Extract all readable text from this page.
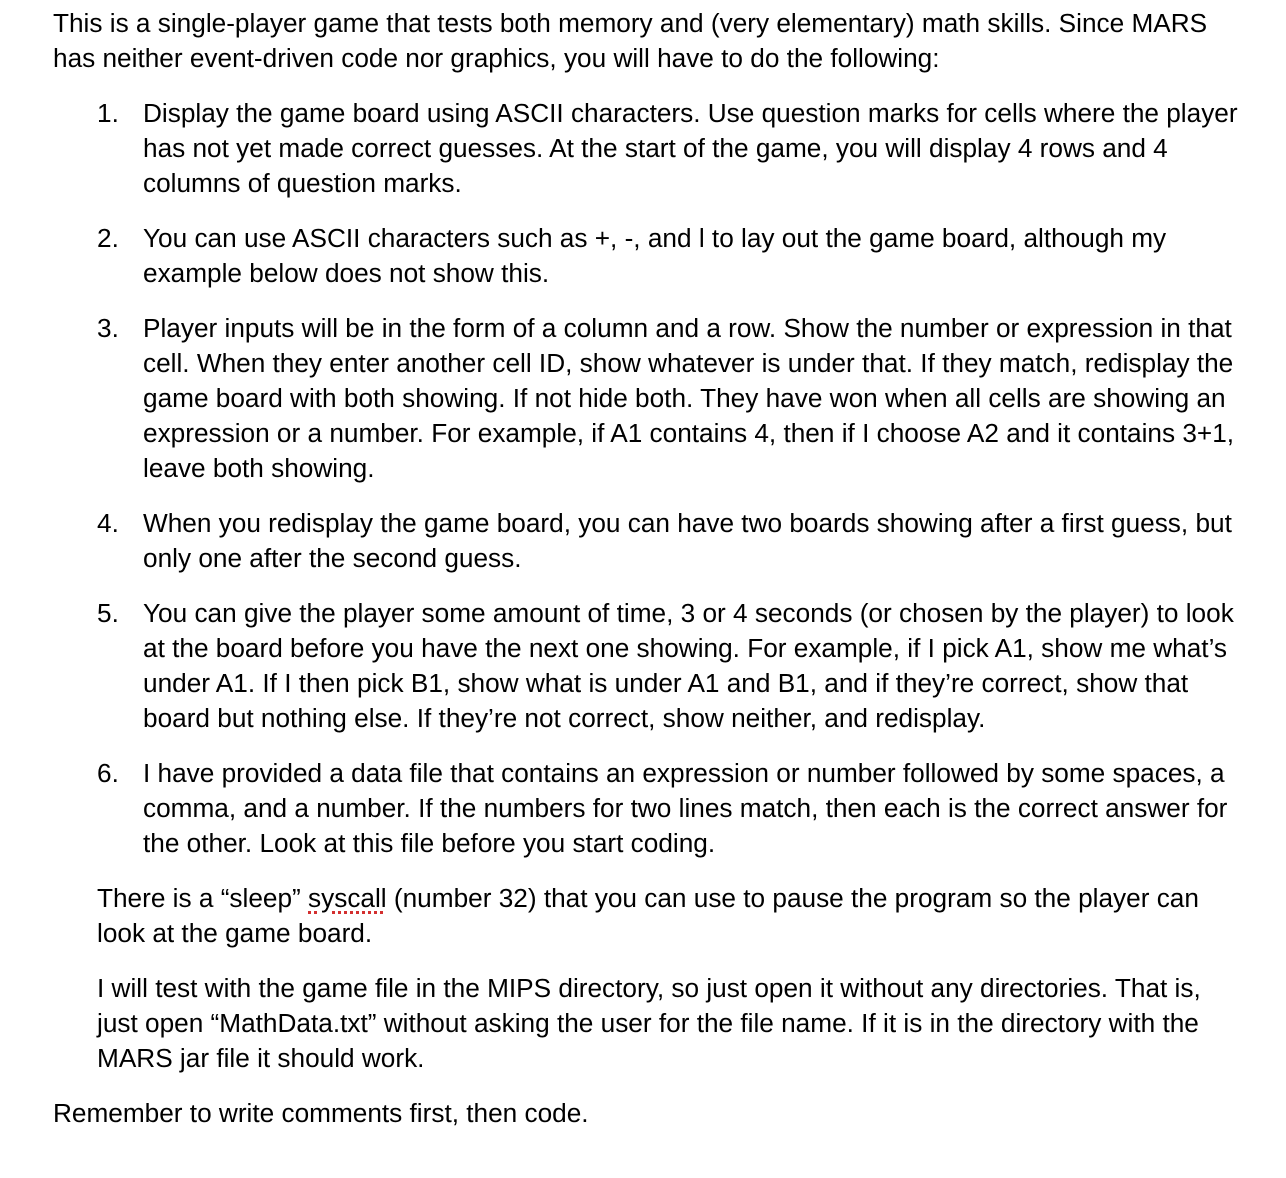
This is a single-player game that tests both memory and (very elementary) math skills. Since MARS has neither event-driven code nor graphics, you will have to do the following:

1. Display the game board using ASCII characters. Use question marks for cells where the player has not yet made correct guesses. At the start of the game, you will display 4 rows and 4 columns of question marks.
2. You can use ASCII characters such as +, -, and l to lay out the game board, although my example below does not show this.
3. Player inputs will be in the form of a column and a row. Show the number or expression in that cell. When they enter another cell ID, show whatever is under that. If they match, redisplay the game board with both showing. If not hide both. They have won when all cells are showing an expression or a number. For example, if A1 contains 4, then if I choose A2 and it contains 3+1, leave both showing.
4. When you redisplay the game board, you can have two boards showing after a first guess, but only one after the second guess.
5. You can give the player some amount of time, 3 or 4 seconds (or chosen by the player) to look at the board before you have the next one showing. For example, if I pick A1, show me what’s under A1. If I then pick B1, show what is under A1 and B1, and if they’re correct, show that board but nothing else. If they’re not correct, show neither, and redisplay.
6. I have provided a data file that contains an expression or number followed by some spaces, a comma, and a number. If the numbers for two lines match, then each is the correct answer for the other. Look at this file before you start coding.

There is a “sleep” syscall (number 32) that you can use to pause the program so the player can look at the game board.

I will test with the game file in the MIPS directory, so just open it without any directories. That is, just open “MathData.txt” without asking the user for the file name. If it is in the directory with the MARS jar file it should work.

Remember to write comments first, then code.
